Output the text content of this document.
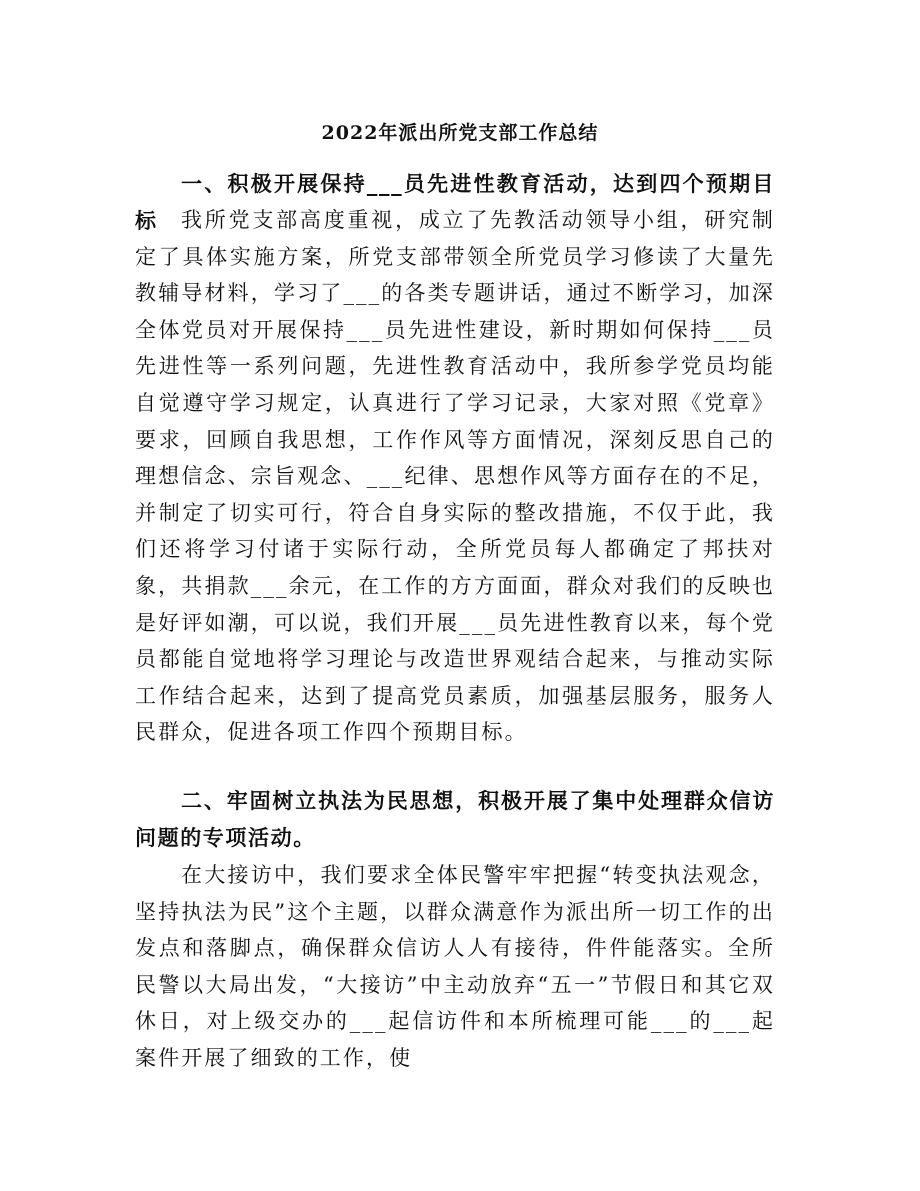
2022年派出所党支部工作总结

一、积极开展保持___员先进性教育活动，达到四个预期目标	我所党支部高度重视，成立了先教活动领导小组，研究制定了具体实施方案，所党支部带领全所党员学习修读了大量先教辅导材料，学习了___的各类专题讲话，通过不断学习，加深全体党员对开展保持___员先进性建设，新时期如何保持___员先进性等一系列问题，先进性教育活动中，我所参学党员均能自觉遵守学习规定，认真进行了学习记录，大家对照《党章》要求，回顾自我思想，工作作风等方面情况，深刻反思自己的理想信念、宗旨观念、___纪律、思想作风等方面存在的不足，并制定了切实可行，符合自身实际的整改措施，不仅于此，我们还将学习付诸于实际行动，全所党员每人都确定了邦扶对象，共捐款___余元，在工作的方方面面，群众对我们的反映也是好评如潮，可以说，我们开展___员先进性教育以来，每个党员都能自觉地将学习理论与改造世界观结合起来，与推动实际工作结合起来，达到了提高党员素质，加强基层服务，服务人民群众，促进各项工作四个预期目标。

二、牢固树立执法为民思想，积极开展了集中处理群众信访问题的专项活动。

在大接访中，我们要求全体民警牢牢把握“转变执法观念，坚持执法为民”这个主题，以群众满意作为派出所一切工作的出发点和落脚点，确保群众信访人人有接待，件件能落实。全所民警以大局出发，“大接访”中主动放弃“五一”节假日和其它双休日，对上级交办的___起信访件和本所梳理可能___的___起案件开展了细致的工作，使
